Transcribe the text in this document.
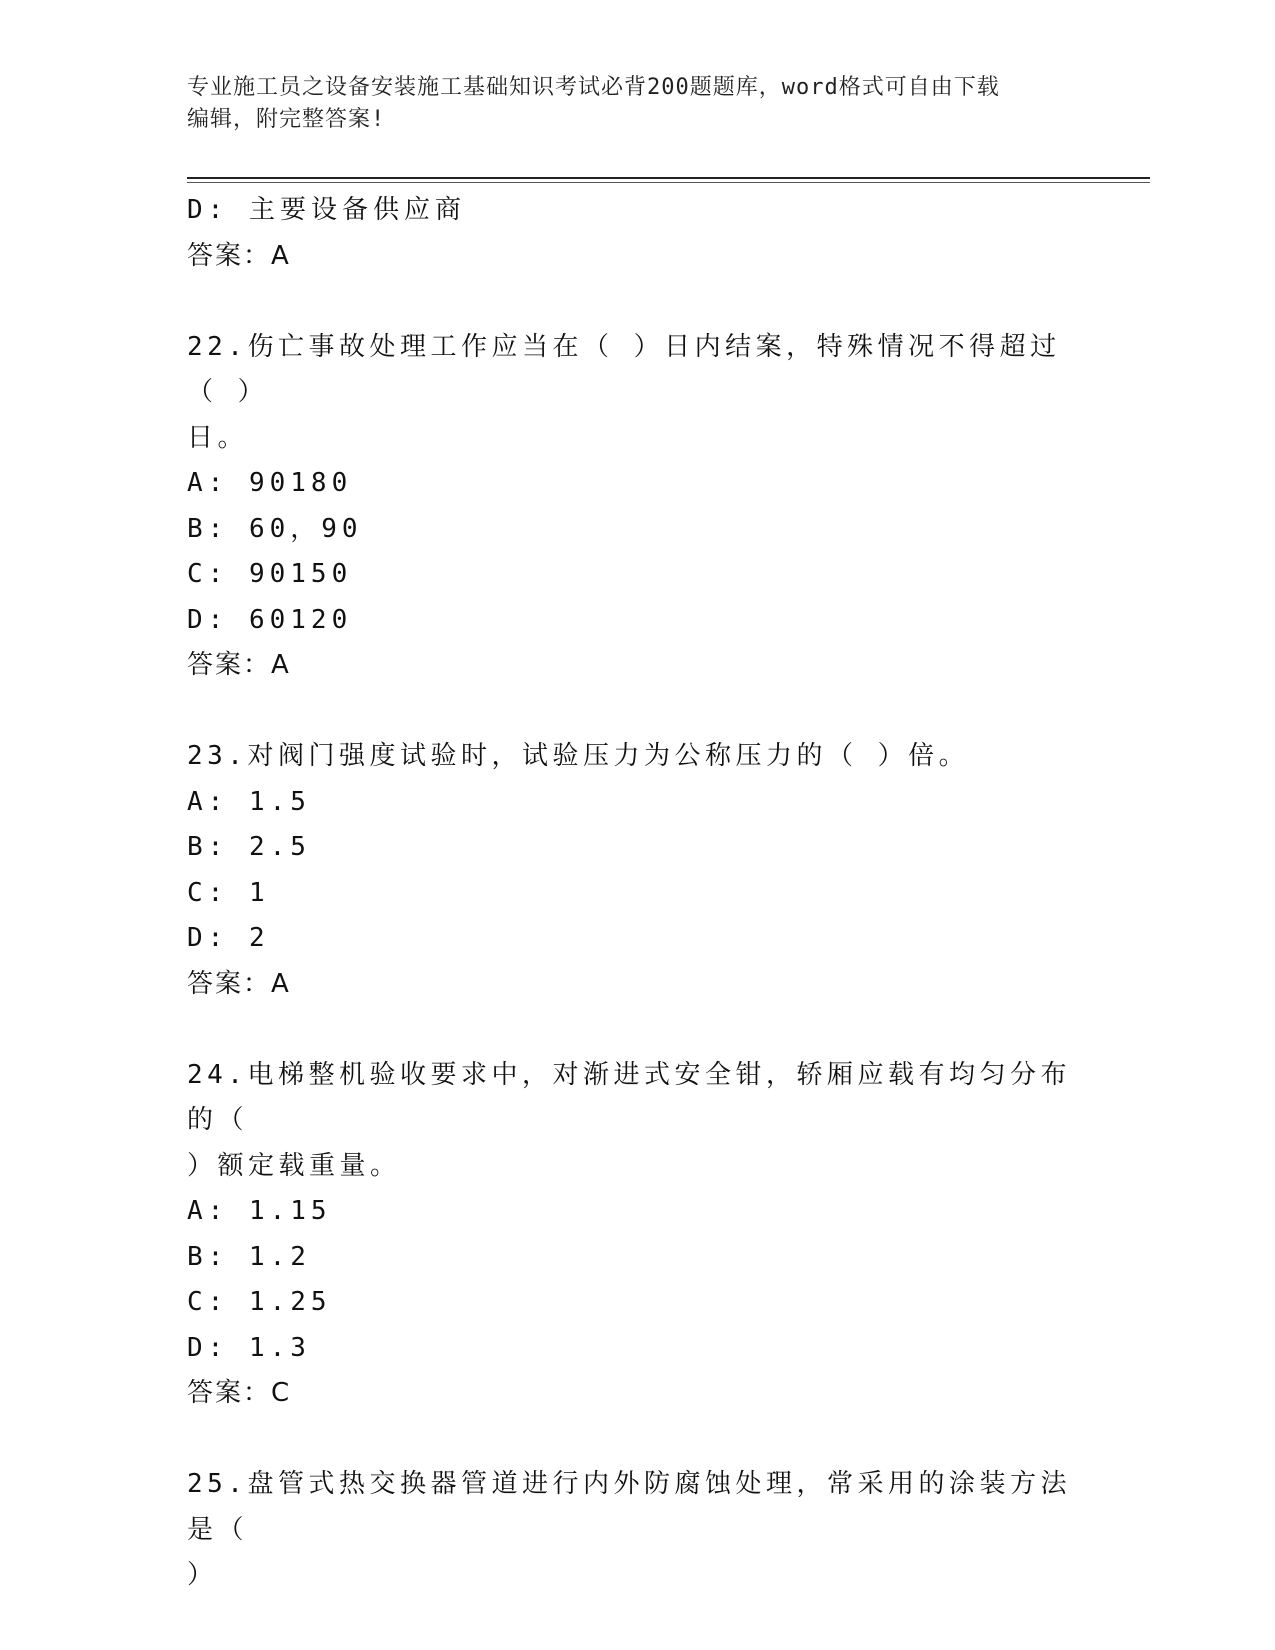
专业施工员之设备安装施工基础知识考试必背200题题库，word格式可自由下载
编辑，附完整答案!
D: 主要设备供应商
答案：A
22.伤亡事故处理工作应当在（ ）日内结案，特殊情况不得超过（ ）
日。
A: 90180
B: 60，90
C: 90150
D: 60120
答案：A
23.对阀门强度试验时，试验压力为公称压力的（ ）倍。
A: 1.5
B: 2.5
C: 1
D: 2
答案：A
24.电梯整机验收要求中，对渐进式安全钳，轿厢应载有均匀分布的（
）额定载重量。
A: 1.15
B: 1.2
C: 1.25
D: 1.3
答案：C
25.盘管式热交换器管道进行内外防腐蚀处理，常采用的涂装方法是（
）
